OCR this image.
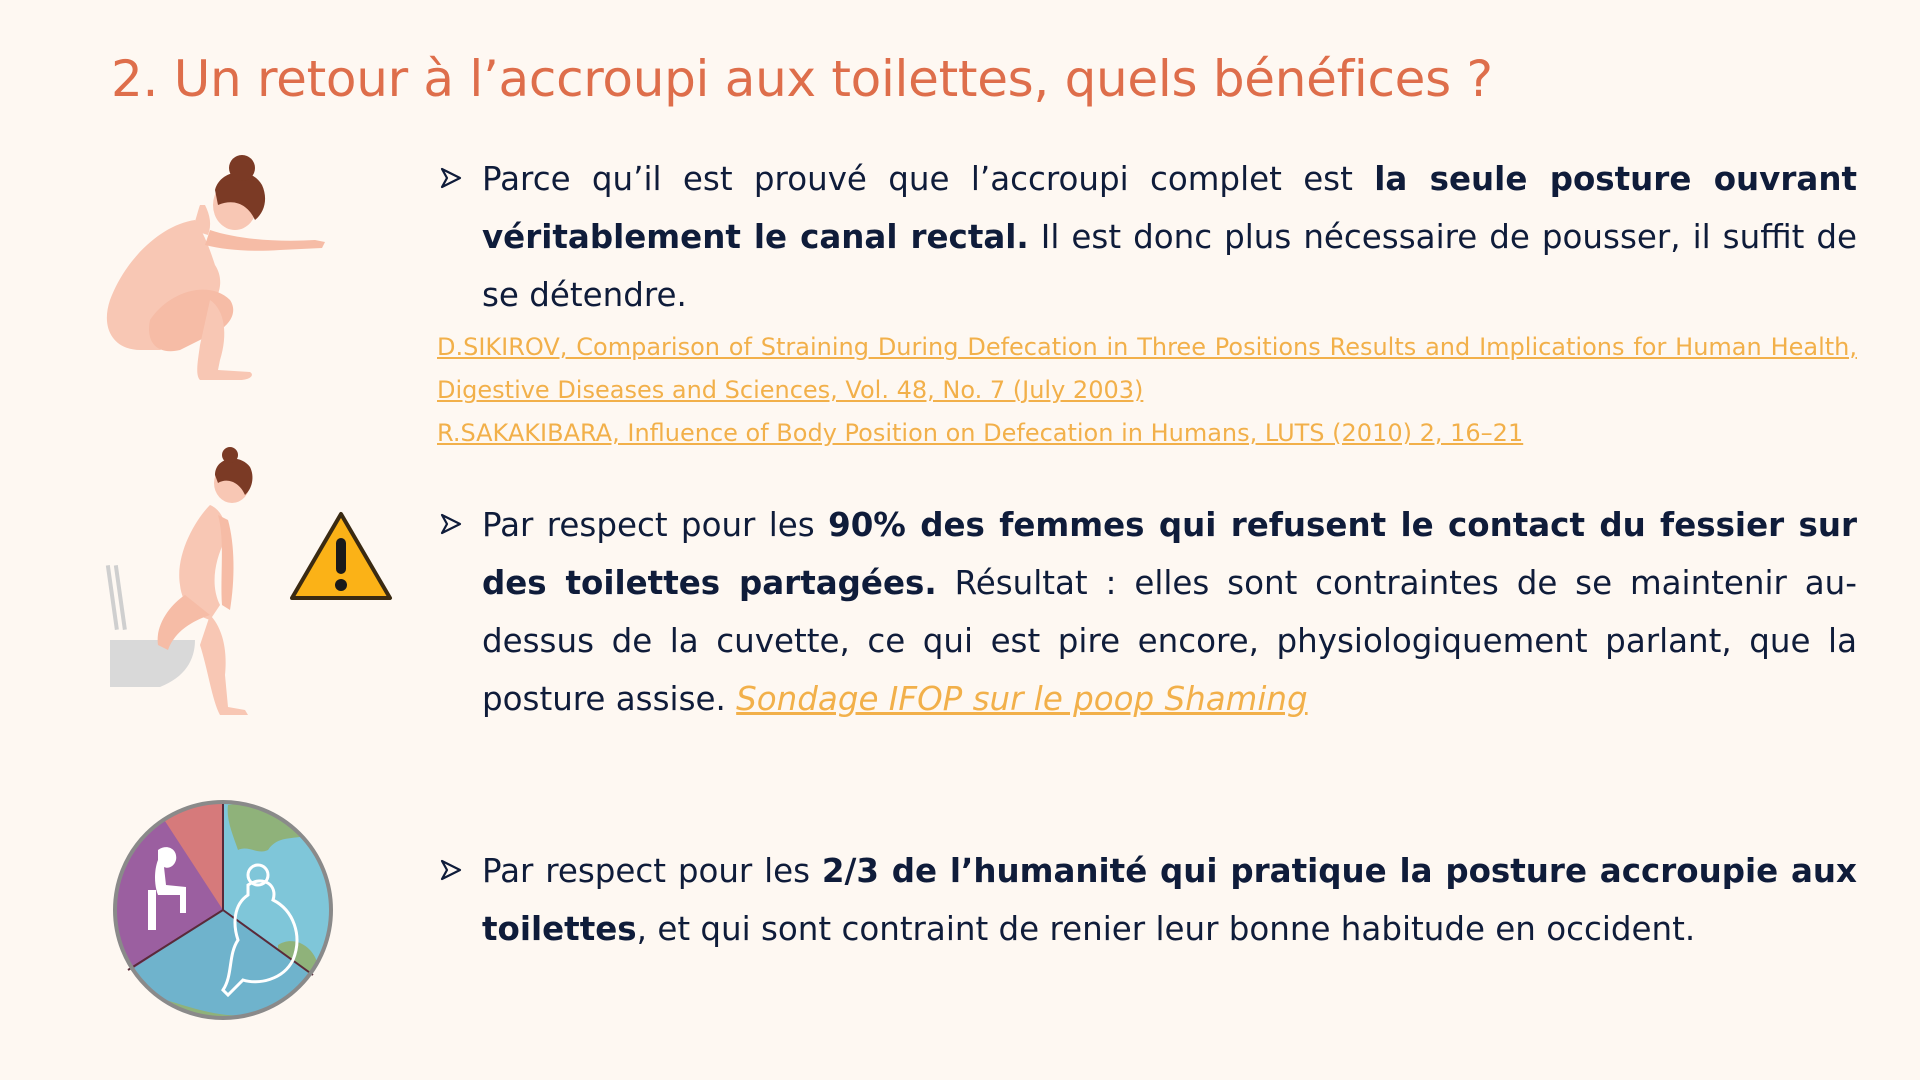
2. Un retour à l’accroupi aux toilettes, quels bénéfices ?
Parce qu’il est prouvé que l’accroupi complet est la seule posture ouvrant véritablement le canal rectal. Il est donc plus nécessaire de pousser, il suffit de se détendre.
D.SIKIROV, Comparison of Straining During Defecation in Three Positions Results and Implications for Human Health, Digestive Diseases and Sciences, Vol. 48, No. 7 (July 2003)
R.SAKAKIBARA, Influence of Body Position on Defecation in Humans, LUTS (2010) 2, 16–21
Par respect pour les 90% des femmes qui refusent le contact du fessier sur des toilettes partagées. Résultat : elles sont contraintes de se maintenir au-dessus de la cuvette, ce qui est pire encore, physiologiquement parlant, que la posture assise. Sondage IFOP sur le poop Shaming
Par respect pour les 2/3 de l’humanité qui pratique la posture accroupie aux toilettes, et qui sont contraint de renier leur bonne habitude en occident.
